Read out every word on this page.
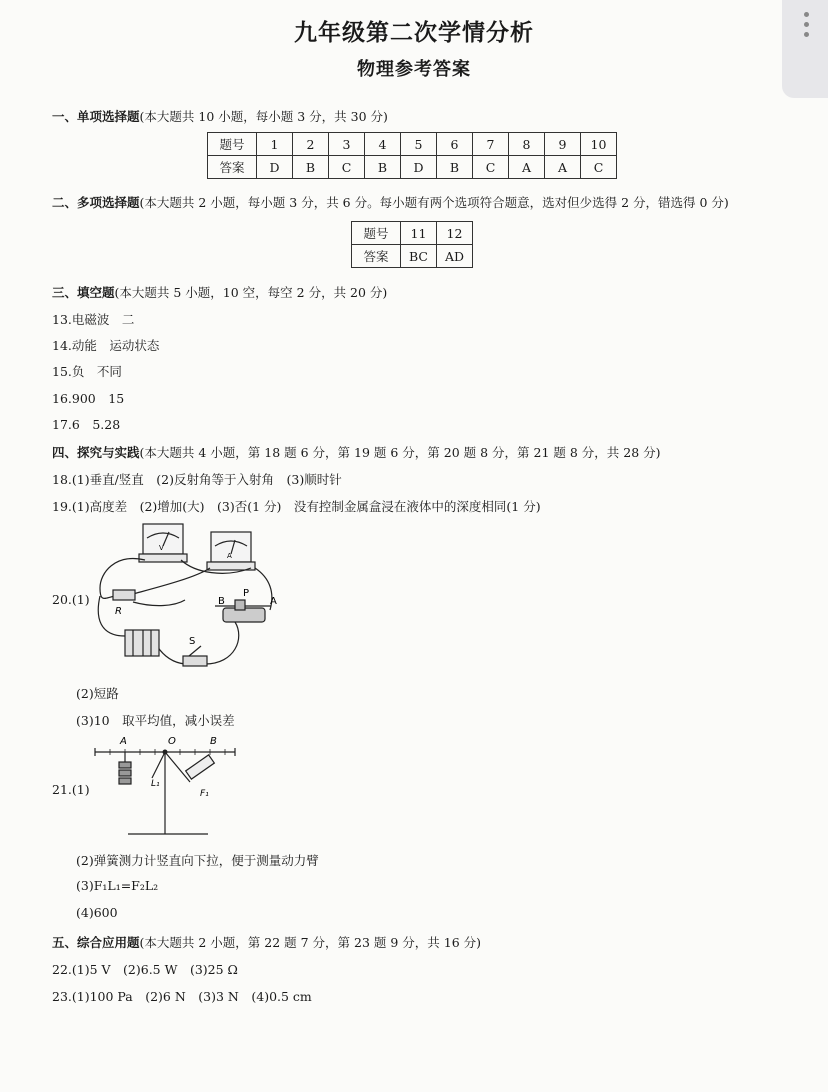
九年级第二次学情分析
物理参考答案
一、单项选择题(本大题共 10 小题，每小题 3 分，共 30 分)
题号	1	2	3	4	5	6	7	8	9	10
答案	D	B	C	B	D	B	C	A	A	C
二、多项选择题(本大题共 2 小题，每小题 3 分，共 6 分。每小题有两个选项符合题意，选对但少选得 2 分，错选得 0 分)
题号	11	12
答案	BC	AD
三、填空题(本大题共 5 小题，10 空，每空 2 分，共 20 分)
13.电磁波　二
14.动能　运动状态
15.负　不同
16.900　15
17.6　5.28
四、探究与实践(本大题共 4 小题，第 18 题 6 分，第 19 题 6 分，第 20 题 8 分，第 21 题 8 分，共 28 分)
18.(1)垂直/竖直　(2)反射角等于入射角　(3)顺时针
19.(1)高度差　(2)增加(大)　(3)否(1 分)　没有控制金属盒浸在液体中的深度相同(1 分)
20.(1)
V
A
R
B
P
A
S
(2)短路
(3)10　取平均值，减小误差
21.(1)
A	O	B
L₁
F₁
(2)弹簧测力计竖直向下拉，便于测量动力臂
(3)F₁L₁=F₂L₂
(4)600
五、综合应用题(本大题共 2 小题，第 22 题 7 分，第 23 题 9 分，共 16 分)
22.(1)5 V　(2)6.5 W　(3)25 Ω
23.(1)100 Pa　(2)6 N　(3)3 N　(4)0.5 cm
